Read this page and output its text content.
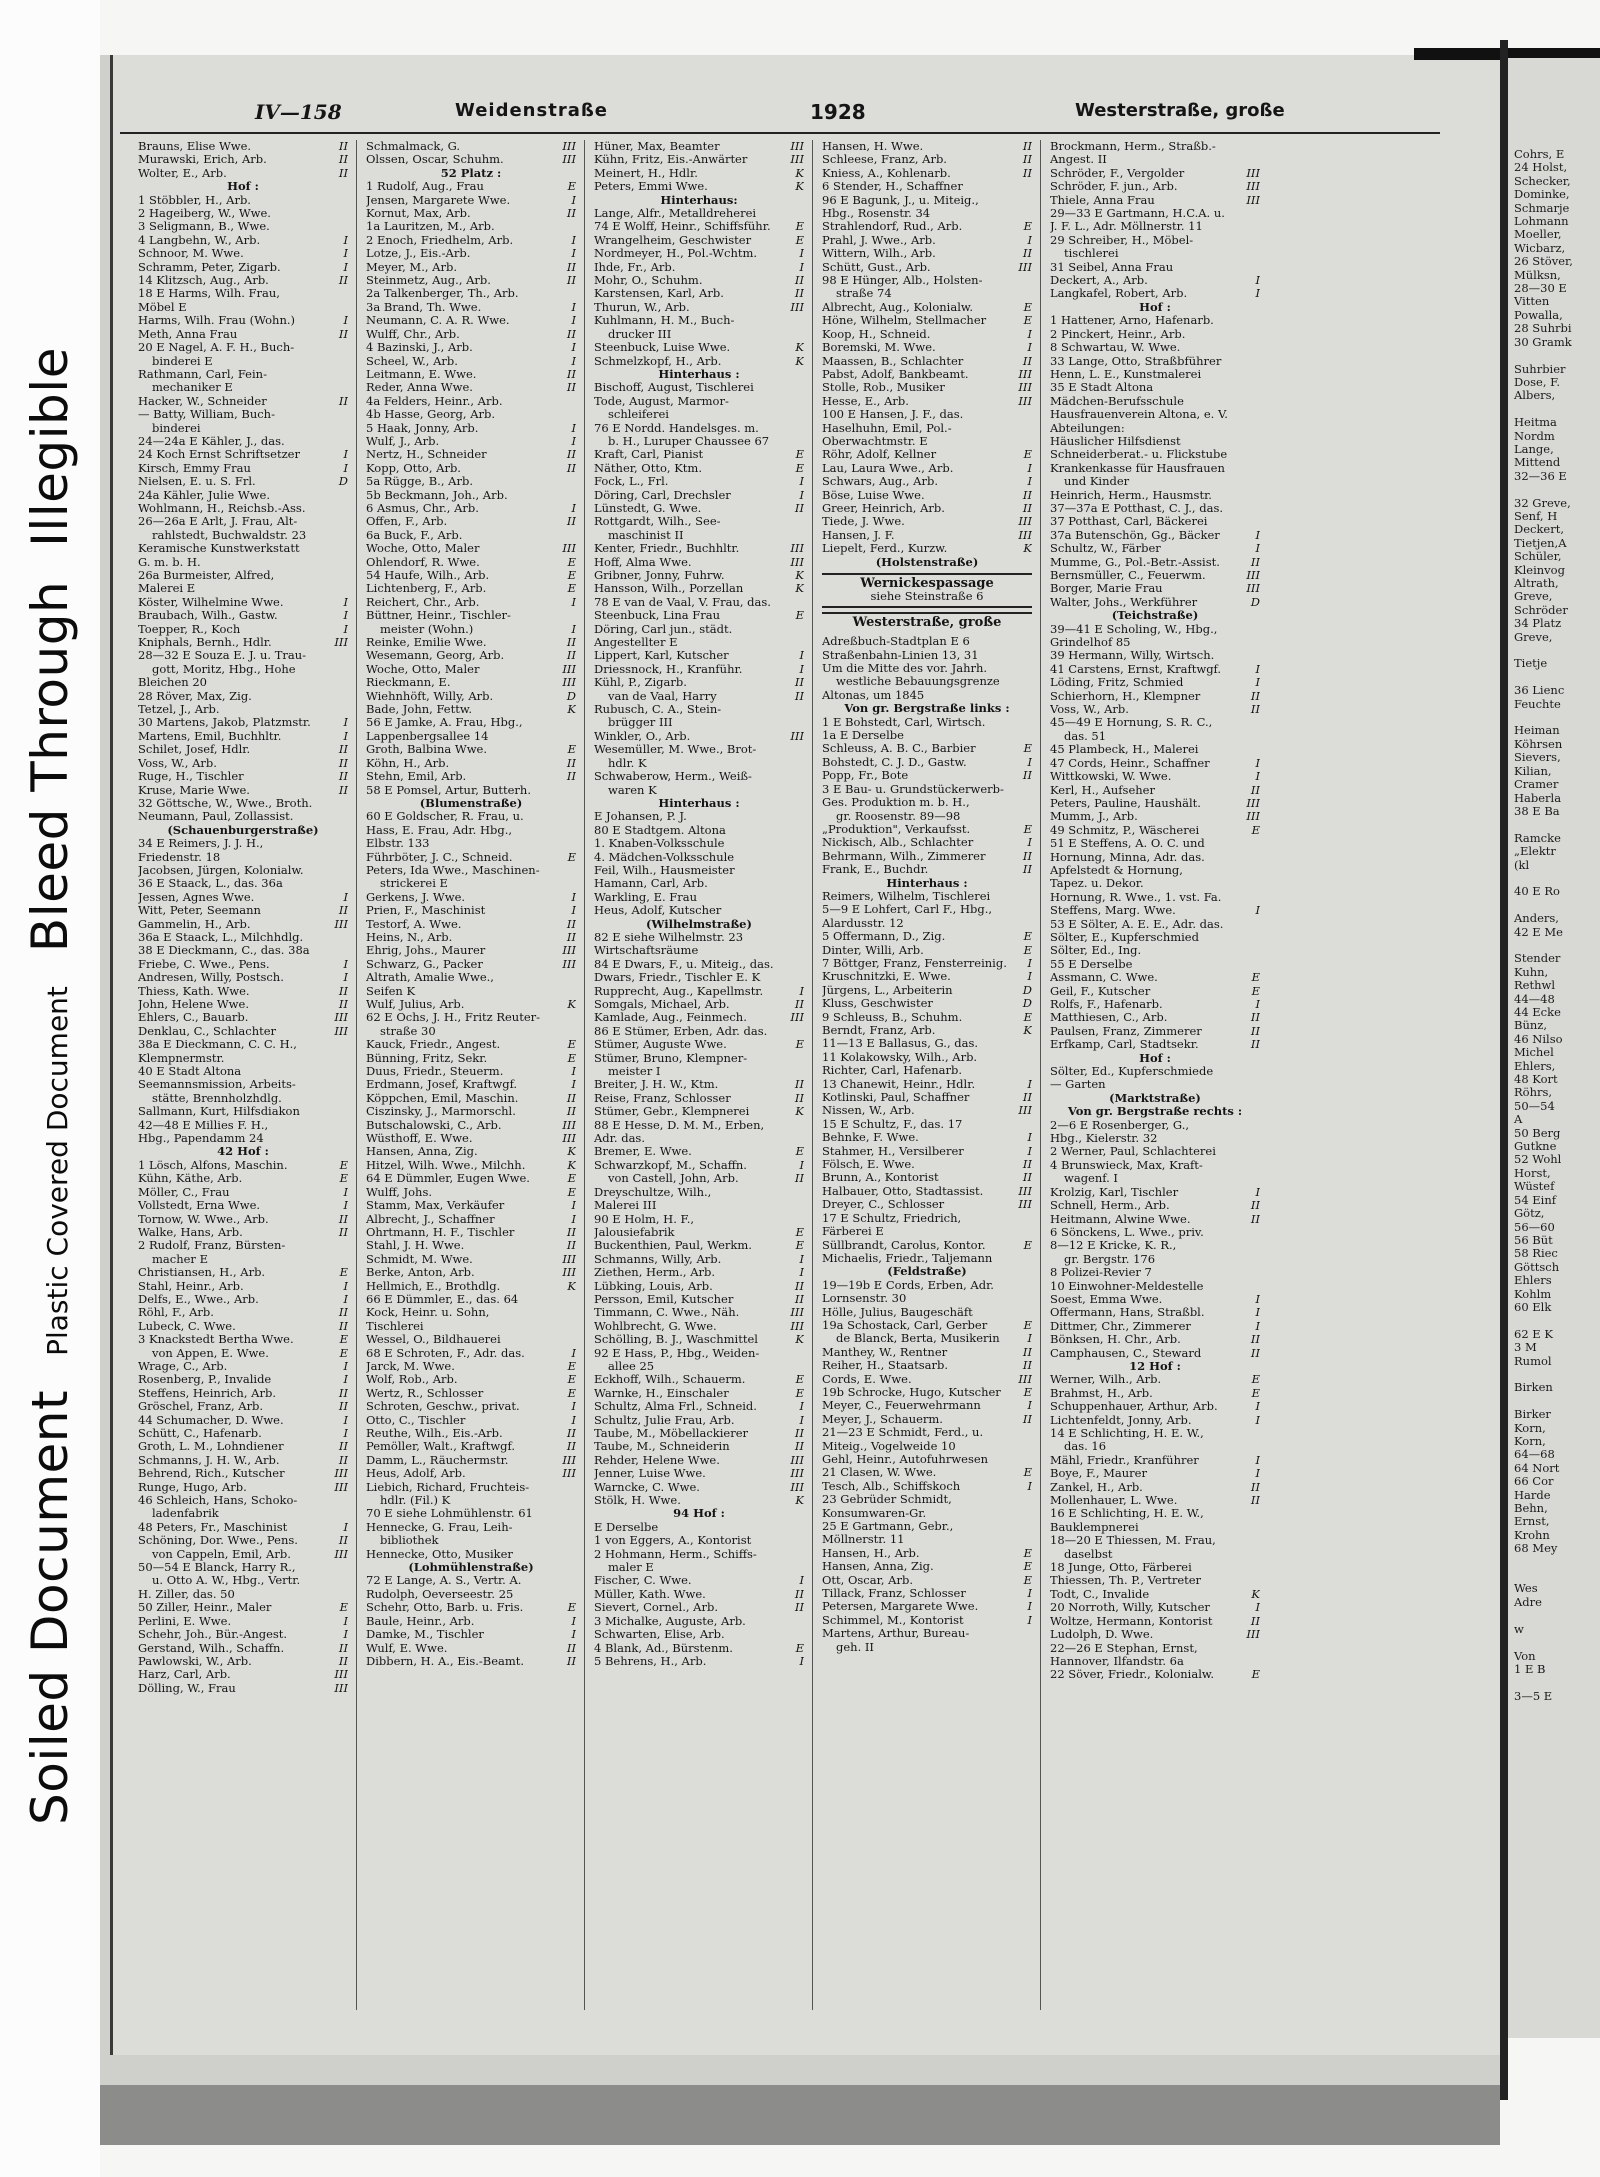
Soiled Document
Plastic Covered Document
Bleed Through
Illegible
Cohrs, E
24 Holst,
Schecker,
Dominke,
Schmarje
Lohmann
Moeller,
Wicbarz,
26 Stöver,
Mülksn,
28—30 E
Vitten
Powalla,
28 Suhrbi
30 Gramk

Suhrbier
Dose, F.
Albers,

Heitma
Nordm
Lange,
Mittend
32—36 E

32 Greve,
Senf, H
Deckert,
Tietjen,A
Schüler,
Kleinvog
Altrath,
Greve,
Schröder
34 Platz
Greve,

Tietje

36 Lienc
Feuchte

Heiman
Köhrsen
Sievers,
Kilian,
Cramer
Haberla
38 E Ba

Ramcke
„Elektr
(kl

40 E Ro

Anders,
42 E Me

Stender
Kuhn,
Rethwl
44—48
44 Ecke
Bünz,
46 Nilso
Michel
Ehlers,
48 Kort
Röhrs,
50—54
A
50 Berg
Gutkne
52 Wohl
Horst,
Wüstef
54 Einf
Götz,
56—60
56 Büt
58 Riec
Göttsch
Ehlers
Kohlm
60 Elk

62 E K
3 M
Rumol

Birken

Birker
Korn,
Korn,
64—68
64 Nort
66 Cor
Harde
Behn,
Ernst,
Krohn
68 Mey

Wes
Adre

w

Von
1 E B

3—5 E
IV—158	Weidenstraße	1928	Westerstraße, große
Brauns, Elise Wwe.	II
Murawski, Erich, Arb.	II
Wolter, E., Arb.	II
Hof :
1 Stöbbler, H., Arb.
2 Hageiberg, W., Wwe.
3 Seligmann, B., Wwe.
4 Langbehn, W., Arb.	I
Schnoor, M. Wwe.	I
Schramm, Peter, Zigarb.	I
14 Klitzsch, Aug., Arb.	II
18 E Harms, Wilh. Frau,
Möbel E
Harms, Wilh. Frau (Wohn.)	I
Meth, Anna Frau	II
20 E Nagel, A. F. H., Buch-
binderei E
Rathmann, Carl, Fein-
mechaniker E
Hacker, W., Schneider	II
— Batty, William, Buch-
binderei
24—24a E Kähler, J., das.
24 Koch Ernst Schriftsetzer	I
Kirsch, Emmy Frau	I
Nielsen, E. u. S. Frl.	D
24a Kähler, Julie Wwe.
Wohlmann, H., Reichsb.-Ass.
26—26a E Arlt, J. Frau, Alt-
rahlstedt, Buchwaldstr. 23
Keramische Kunstwerkstatt
G. m. b. H.
26a Burmeister, Alfred,
Malerei E
Köster, Wilhelmine Wwe.	I
Braubach, Wilh., Gastw.	I
Toepper, R., Koch	I
Kniphals, Bernh., Hdlr.	III
28—32 E Souza E. J. u. Trau-
gott, Moritz, Hbg., Hohe
Bleichen 20
28 Röver, Max, Zig.
Tetzel, J., Arb.
30 Martens, Jakob, Platzmstr.	I
Martens, Emil, Buchhltr.	I
Schilet, Josef, Hdlr.	II
Voss, W., Arb.	II
Ruge, H., Tischler	II
Kruse, Marie Wwe.	II
32 Göttsche, W., Wwe., Broth.
Neumann, Paul, Zollassist.
(Schauenburgerstraße)
34 E Reimers, J. J. H.,
Friedenstr. 18
Jacobsen, Jürgen, Kolonialw.
36 E Staack, L., das. 36a
Jessen, Agnes Wwe.	I
Witt, Peter, Seemann	II
Gammelin, H., Arb.	III
36a E Staack, L., Milchhdlg.
38 E Dieckmann, C., das. 38a
Friebe, C. Wwe., Pens.	I
Andresen, Willy, Postsch.	I
Thiess, Kath. Wwe.	II
John, Helene Wwe.	II
Ehlers, C., Bauarb.	III
Denklau, C., Schlachter	III
38a E Dieckmann, C. C. H.,
Klempnermstr.
40 E Stadt Altona
Seemannsmission, Arbeits-
stätte, Brennholzhdlg.
Sallmann, Kurt, Hilfsdiakon
42—48 E Millies F. H.,
Hbg., Papendamm 24
42 Hof :
1 Lösch, Alfons, Maschin.	E
Kühn, Käthe, Arb.	E
Möller, C., Frau	I
Vollstedt, Erna Wwe.	I
Tornow, W. Wwe., Arb.	II
Walke, Hans, Arb.	II
2 Rudolf, Franz, Bürsten-
macher E
Christiansen, H., Arb.	E
Stahl, Heinr., Arb.	I
Delfs, E., Wwe., Arb.	I
Röhl, F., Arb.	II
Lubeck, C. Wwe.	II
3 Knackstedt Bertha Wwe.	E
von Appen, E. Wwe.	E
Wrage, C., Arb.	I
Rosenberg, P., Invalide	I
Steffens, Heinrich, Arb.	II
Gröschel, Franz, Arb.	II
44 Schumacher, D. Wwe.	I
Schütt, C., Hafenarb.	I
Groth, L. M., Lohndiener	II
Schmanns, J. H. W., Arb.	II
Behrend, Rich., Kutscher	III
Runge, Hugo, Arb.	III
46 Schleich, Hans, Schoko-
ladenfabrik
48 Peters, Fr., Maschinist	I
Schöning, Dor. Wwe., Pens.	II
von Cappeln, Emil, Arb.	III
50—54 E Blanck, Harry R.,
u. Otto A. W., Hbg., Vertr.
H. Ziller, das. 50
50 Ziller, Heinr., Maler	E
Perlini, E. Wwe.	I
Schehr, Joh., Bür.-Angest.	I
Gerstand, Wilh., Schaffn.	II
Pawlowski, W., Arb.	II
Harz, Carl, Arb.	III
Dölling, W., Frau	III
Schmalmack, G.	III
Olssen, Oscar, Schuhm.	III
52 Platz :
1 Rudolf, Aug., Frau	E
Jensen, Margarete Wwe.	I
Kornut, Max, Arb.	II
1a Lauritzen, M., Arb.
2 Enoch, Friedhelm, Arb.	I
Lotze, J., Eis.-Arb.	I
Meyer, M., Arb.	II
Steinmetz, Aug., Arb.	II
2a Talkenberger, Th., Arb.
3a Brand, Th. Wwe.	I
Neumann, C. A. R. Wwe.	I
Wulff, Chr., Arb.	II
4 Bazinski, J., Arb.	I
Scheel, W., Arb.	I
Leitmann, E. Wwe.	II
Reder, Anna Wwe.	II
4a Felders, Heinr., Arb.
4b Hasse, Georg, Arb.
5 Haak, Jonny, Arb.	I
Wulf, J., Arb.	I
Nertz, H., Schneider	II
Kopp, Otto, Arb.	II
5a Rügge, B., Arb.
5b Beckmann, Joh., Arb.
6 Asmus, Chr., Arb.	I
Offen, F., Arb.	II
6a Buck, F., Arb.
Woche, Otto, Maler	III
Ohlendorf, R. Wwe.	E
54 Haufe, Wilh., Arb.	E
Lichtenberg, F., Arb.	E
Reichert, Chr., Arb.	I
Büttner, Heinr., Tischler-
meister (Wohn.)	I
Reinke, Emilie Wwe.	II
Wesemann, Georg, Arb.	II
Woche, Otto, Maler	III
Rieckmann, E.	III
Wiehnhöft, Willy, Arb.	D
Bade, John, Fettw.	K
56 E Jamke, A. Frau, Hbg.,
Lappenbergsallee 14
Groth, Balbina Wwe.	E
Köhn, H., Arb.	II
Stehn, Emil, Arb.	II
58 E Pomsel, Artur, Butterh.
(Blumenstraße)
60 E Goldscher, R. Frau, u.
Hass, E. Frau, Adr. Hbg.,
Elbstr. 133
Führböter, J. C., Schneid.	E
Peters, Ida Wwe., Maschinen-
strickerei E
Gerkens, J. Wwe.	I
Prien, F., Maschinist	I
Testorf, A. Wwe.	II
Heins, N., Arb.	II
Ehrig, Johs., Maurer	III
Schwarz, G., Packer	III
Altrath, Amalie Wwe.,
Seifen K
Wulf, Julius, Arb.	K
62 E Ochs, J. H., Fritz Reuter-
straße 30
Kauck, Friedr., Angest.	E
Bünning, Fritz, Sekr.	E
Duus, Friedr., Steuerm.	I
Erdmann, Josef, Kraftwgf.	I
Köppchen, Emil, Maschin.	II
Ciszinsky, J., Marmorschl.	II
Butschalowski, C., Arb.	III
Wüsthoff, E. Wwe.	III
Hansen, Anna, Zig.	K
Hitzel, Wilh. Wwe., Milchh.	K
64 E Dümmler, Eugen Wwe.	E
Wulff, Johs.	E
Stamm, Max, Verkäufer	I
Albrecht, J., Schaffner	I
Ohrtmann, H. F., Tischler	II
Stahl, J. H. Wwe.	II
Schmidt, M. Wwe.	III
Berke, Anton, Arb.	III
Hellmich, E., Brothdlg.	K
66 E Dümmler, E., das. 64
Kock, Heinr. u. Sohn,
Tischlerei
Wessel, O., Bildhauerei
68 E Schroten, F., Adr. das.	I
Jarck, M. Wwe.	E
Wolf, Rob., Arb.	E
Wertz, R., Schlosser	E
Schroten, Geschw., privat.	I
Otto, C., Tischler	I
Reuthe, Wilh., Eis.-Arb.	II
Pemöller, Walt., Kraftwgf.	II
Damm, L., Räuchermstr.	III
Heus, Adolf, Arb.	III
Liebich, Richard, Fruchteis-
hdlr. (Fil.) K
70 E siehe Lohmühlenstr. 61
Hennecke, G. Frau, Leih-
bibliothek
Hennecke, Otto, Musiker
(Lohmühlenstraße)
72 E Lange, A. S., Vertr. A.
Rudolph, Oeverseestr. 25
Schehr, Otto, Barb. u. Fris.	E
Baule, Heinr., Arb.	I
Damke, M., Tischler	I
Wulf, E. Wwe.	II
Dibbern, H. A., Eis.-Beamt.	II
Hüner, Max, Beamter	III
Kühn, Fritz, Eis.-Anwärter	III
Meinert, H., Hdlr.	K
Peters, Emmi Wwe.	K
Hinterhaus:
Lange, Alfr., Metalldreherei
74 E Wolff, Heinr., Schiffsführ.	E
Wrangelheim, Geschwister	E
Nordmeyer, H., Pol.-Wchtm.	I
Ihde, Fr., Arb.	I
Mohr, O., Schuhm.	II
Karstensen, Karl, Arb.	II
Thurun, W., Arb.	III
Kuhlmann, H. M., Buch-
drucker III
Steenbuck, Luise Wwe.	K
Schmelzkopf, H., Arb.	K
Hinterhaus :
Bischoff, August, Tischlerei
Tode, August, Marmor-
schleiferei
76 E Nordd. Handelsges. m.
b. H., Luruper Chaussee 67
Kraft, Carl, Pianist	E
Näther, Otto, Ktm.	E
Fock, L., Frl.	I
Döring, Carl, Drechsler	I
Lünstedt, G. Wwe.	II
Rottgardt, Wilh., See-
maschinist II
Kenter, Friedr., Buchhltr.	III
Hoff, Alma Wwe.	III
Gribner, Jonny, Fuhrw.	K
Hansson, Wilh., Porzellan	K
78 E van de Vaal, V. Frau, das.
Steenbuck, Lina Frau	E
Döring, Carl jun., städt.
Angestellter E
Lippert, Karl, Kutscher	I
Driessnock, H., Kranführ.	I
Kühl, P., Zigarb.	II
van de Vaal, Harry	II
Rubusch, C. A., Stein-
brügger III
Winkler, O., Arb.	III
Wesemüller, M. Wwe., Brot-
hdlr. K
Schwaberow, Herm., Weiß-
waren K
Hinterhaus :
E Johansen, P. J.
80 E Stadtgem. Altona
1. Knaben-Volksschule
4. Mädchen-Volksschule
Feil, Wilh., Hausmeister
Hamann, Carl, Arb.
Warkling, E. Frau
Heus, Adolf, Kutscher
(Wilhelmstraße)
82 E siehe Wilhelmstr. 23
Wirtschaftsräume
84 E Dwars, F., u. Miteig., das.
Dwars, Friedr., Tischler E. K
Rupprecht, Aug., Kapellmstr.	I
Somgals, Michael, Arb.	II
Kamlade, Aug., Feinmech.	III
86 E Stümer, Erben, Adr. das.
Stümer, Auguste Wwe.	E
Stümer, Bruno, Klempner-
meister I
Breiter, J. H. W., Ktm.	II
Reise, Franz, Schlosser	II
Stümer, Gebr., Klempnerei	K
88 E Hesse, D. M. M., Erben,
Adr. das.
Bremer, E. Wwe.	E
Schwarzkopf, M., Schaffn.	I
von Castell, John, Arb.	II
Dreyschultze, Wilh.,
Malerei III
90 E Holm, H. F.,
Jalousiefabrik	E
Buckenthien, Paul, Werkm.	E
Schmanns, Willy, Arb.	I
Ziethen, Herm., Arb.	I
Lübking, Louis, Arb.	II
Persson, Emil, Kutscher	II
Timmann, C. Wwe., Näh.	III
Wohlbrecht, G. Wwe.	III
Schölling, B. J., Waschmittel	K
92 E Hass, P., Hbg., Weiden-
allee 25
Eckhoff, Wilh., Schauerm.	E
Warnke, H., Einschaler	E
Schultz, Alma Frl., Schneid.	I
Schultz, Julie Frau, Arb.	I
Taube, M., Möbellackierer	II
Taube, M., Schneiderin	II
Rehder, Helene Wwe.	III
Jenner, Luise Wwe.	III
Warncke, C. Wwe.	III
Stölk, H. Wwe.	K
94 Hof :
E Derselbe
1 von Eggers, A., Kontorist
2 Hohmann, Herm., Schiffs-
maler E
Fischer, C. Wwe.	I
Müller, Kath. Wwe.	II
Sievert, Cornel., Arb.	II
3 Michalke, Auguste, Arb.
Schwarten, Elise, Arb.
4 Blank, Ad., Bürstenm.	E
5 Behrens, H., Arb.	I
Hansen, H. Wwe.	II
Schleese, Franz, Arb.	II
Kniess, A., Kohlenarb.	II
6 Stender, H., Schaffner
96 E Bagunk, J., u. Miteig.,
Hbg., Rosenstr. 34
Strahlendorf, Rud., Arb.	E
Prahl, J. Wwe., Arb.	I
Wittern, Wilh., Arb.	II
Schütt, Gust., Arb.	III
98 E Hünger, Alb., Holsten-
straße 74
Albrecht, Aug., Kolonialw.	E
Höne, Wilhelm, Stellmacher	E
Koop, H., Schneid.	I
Boremski, M. Wwe.	I
Maassen, B., Schlachter	II
Pabst, Adolf, Bankbeamt.	III
Stolle, Rob., Musiker	III
Hesse, E., Arb.	III
100 E Hansen, J. F., das.
Haselhuhn, Emil, Pol.-
Oberwachtmstr. E
Röhr, Adolf, Kellner	E
Lau, Laura Wwe., Arb.	I
Schwars, Aug., Arb.	I
Böse, Luise Wwe.	II
Greer, Heinrich, Arb.	II
Tiede, J. Wwe.	III
Hansen, J. F.	III
Liepelt, Ferd., Kurzw.	K
(Holstenstraße)
Wernickespassage
siehe Steinstraße 6
Westerstraße, große
Adreßbuch-Stadtplan E 6
Straßenbahn-Linien 13, 31
Um die Mitte des vor. Jahrh.
westliche Bebauungsgrenze
Altonas, um 1845
Von gr. Bergstraße links :
1 E Bohstedt, Carl, Wirtsch.
1a E Derselbe
Schleuss, A. B. C., Barbier	E
Bohstedt, C. J. D., Gastw.	I
Popp, Fr., Bote	II
3 E Bau- u. Grundstückerwerb-
Ges. Produktion m. b. H.,
gr. Roosenstr. 89—98
„Produktion", Verkaufsst.	E
Nickisch, Alb., Schlachter	I
Behrmann, Wilh., Zimmerer	II
Frank, E., Buchdr.	II
Hinterhaus :
Reimers, Wilhelm, Tischlerei
5—9 E Lohfert, Carl F., Hbg.,
Alardusstr. 12
5 Offermann, D., Zig.	E
Dinter, Willi, Arb.	E
7 Böttger, Franz, Fensterreinig.	I
Kruschnitzki, E. Wwe.	I
Jürgens, L., Arbeiterin	D
Kluss, Geschwister	D
9 Schleuss, B., Schuhm.	E
Berndt, Franz, Arb.	K
11—13 E Ballasus, G., das.
11 Kolakowsky, Wilh., Arb.
Richter, Carl, Hafenarb.
13 Chanewit, Heinr., Hdlr.	I
Kotlinski, Paul, Schaffner	II
Nissen, W., Arb.	III
15 E Schultz, F., das. 17
Behnke, F. Wwe.	I
Stahmer, H., Versilberer	I
Fölsch, E. Wwe.	II
Brunn, A., Kontorist	II
Halbauer, Otto, Stadtassist.	III
Dreyer, C., Schlosser	III
17 E Schultz, Friedrich,
Färberei E
Süllbrandt, Carolus, Kontor.	E
Michaelis, Friedr., Taljemann
(Feldstraße)
19—19b E Cords, Erben, Adr.
Lornsenstr. 30
Hölle, Julius, Baugeschäft
19a Schostack, Carl, Gerber	E
de Blanck, Berta, Musikerin	I
Manthey, W., Rentner	II
Reiher, H., Staatsarb.	II
Cords, E. Wwe.	III
19b Schrocke, Hugo, Kutscher	E
Meyer, C., Feuerwehrmann	I
Meyer, J., Schauerm.	II
21—23 E Schmidt, Ferd., u.
Miteig., Vogelweide 10
Gehl, Heinr., Autofuhrwesen
21 Clasen, W. Wwe.	E
Tesch, Alb., Schiffskoch	I
23 Gebrüder Schmidt,
Konsumwaren-Gr.
25 E Gartmann, Gebr.,
Möllnerstr. 11
Hansen, H., Arb.	E
Hansen, Anna, Zig.	E
Ott, Oscar, Arb.	E
Tillack, Franz, Schlosser	I
Petersen, Margarete Wwe.	I
Schimmel, M., Kontorist	I
Martens, Arthur, Bureau-
geh. II
Brockmann, Herm., Straßb.-
Angest. II
Schröder, F., Vergolder	III
Schröder, F. jun., Arb.	III
Thiele, Anna Frau	III
29—33 E Gartmann, H.C.A. u.
J. F. L., Adr. Möllnerstr. 11
29 Schreiber, H., Möbel-
tischlerei
31 Seibel, Anna Frau
Deckert, A., Arb.	I
Langkafel, Robert, Arb.	I
Hof :
1 Hattener, Arno, Hafenarb.
2 Pinckert, Heinr., Arb.
8 Schwartau, W. Wwe.
33 Lange, Otto, Straßbführer
Henn, L. E., Kunstmalerei
35 E Stadt Altona
Mädchen-Berufsschule
Hausfrauenverein Altona, e. V.
Abteilungen:
Häuslicher Hilfsdienst
Schneiderberat.- u. Flickstube
Krankenkasse für Hausfrauen
und Kinder
Heinrich, Herm., Hausmstr.
37—37a E Potthast, C. J., das.
37 Potthast, Carl, Bäckerei
37a Butenschön, Gg., Bäcker	I
Schultz, W., Färber	I
Mumme, G., Pol.-Betr.-Assist.	II
Bernsmüller, C., Feuerwm.	III
Borger, Marie Frau	III
Walter, Johs., Werkführer	D
(Teichstraße)
39—41 E Scholing, W., Hbg.,
Grindelhof 85
39 Hermann, Willy, Wirtsch.
41 Carstens, Ernst, Kraftwgf.	I
Löding, Fritz, Schmied	I
Schierhorn, H., Klempner	II
Voss, W., Arb.	II
45—49 E Hornung, S. R. C.,
das. 51
45 Plambeck, H., Malerei
47 Cords, Heinr., Schaffner	I
Wittkowski, W. Wwe.	I
Kerl, H., Aufseher	II
Peters, Pauline, Haushält.	III
Mumm, J., Arb.	III
49 Schmitz, P., Wäscherei	E
51 E Steffens, A. O. C. und
Hornung, Minna, Adr. das.
Apfelstedt & Hornung,
Tapez. u. Dekor.
Hornung, R. Wwe., 1. vst. Fa.
Steffens, Marg. Wwe.	I
53 E Sölter, A. E. E., Adr. das.
Sölter, E., Kupferschmied
Sölter, Ed., Ing.
55 E Derselbe
Assmann, C. Wwe.	E
Geil, F., Kutscher	E
Rolfs, F., Hafenarb.	I
Matthiesen, C., Arb.	II
Paulsen, Franz, Zimmerer	II
Erfkamp, Carl, Stadtsekr.	II
Hof :
Sölter, Ed., Kupferschmiede
— Garten
(Marktstraße)
Von gr. Bergstraße rechts :
2—6 E Rosenberger, G.,
Hbg., Kielerstr. 32
2 Werner, Paul, Schlachterei
4 Brunswieck, Max, Kraft-
wagenf. I
Krolzig, Karl, Tischler	I
Schnell, Herm., Arb.	II
Heitmann, Alwine Wwe.	II
6 Sönckens, L. Wwe., priv.
8—12 E Kricke, K. R.,
gr. Bergstr. 176
8 Polizei-Revier 7
10 Einwohner-Meldestelle
Soest, Emma Wwe.	I
Offermann, Hans, Straßbl.	I
Dittmer, Chr., Zimmerer	I
Bönksen, H. Chr., Arb.	II
Camphausen, C., Steward	II
12 Hof :
Werner, Wilh., Arb.	E
Brahmst, H., Arb.	E
Schuppenhauer, Arthur, Arb.	I
Lichtenfeldt, Jonny, Arb.	I
14 E Schlichting, H. E. W.,
das. 16
Mähl, Friedr., Kranführer	I
Boye, F., Maurer	I
Zankel, H., Arb.	II
Mollenhauer, L. Wwe.	II
16 E Schlichting, H. E. W.,
Bauklempnerei
18—20 E Thiessen, M. Frau,
daselbst
18 Junge, Otto, Färberei
Thiessen, Th. P., Vertreter
Todt, C., Invalide	K
20 Norroth, Willy, Kutscher	I
Woltze, Hermann, Kontorist	II
Ludolph, D. Wwe.	III
22—26 E Stephan, Ernst,
Hannover, Ilfandstr. 6a
22 Söver, Friedr., Kolonialw.	E
